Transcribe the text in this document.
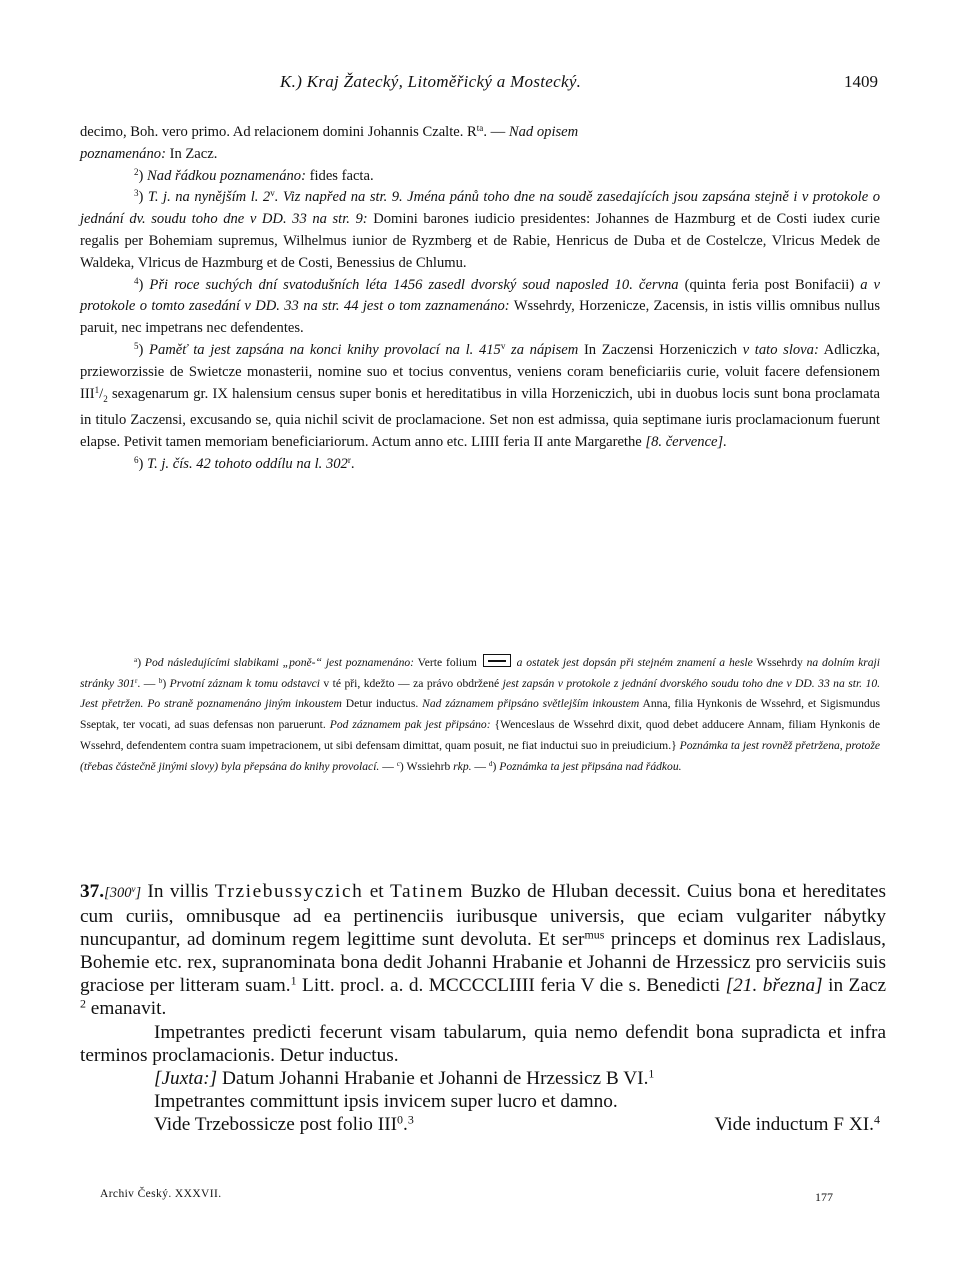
K.) Kraj Žatecký, Litoměřický a Mostecký.	1409

decimo, Boh. vero primo. Ad relacionem domini Johannis Czalte. $R^{ta}$. — Nad opisem
poznamenáno: In Zacz.

$^2$) Nad řádkou poznamenáno: fides facta.

$^3$) T. j. na nynějším l. 2$^v$. Viz napřed na str. 9. Jména pánů toho dne na soudě zasedajících jsou zapsána stejně i v protokole o jednání dv. soudu toho dne v DD. 33 na str. 9: Domini barones iudicio presidentes: Johannes de Hazmburg et de Costi iudex curie regalis per Bohemiam supremus, Wilhelmus iunior de Ryzmberg et de Rabie, Henricus de Duba et de Costelcze, Vlricus Medek de Waldeka, Vlricus de Hazmburg et de Costi, Benessius de Chlumu.

$^4$) Při roce suchých dní svatodušních léta 1456 zasedl dvorský soud naposled 10. června (quinta feria post Bonifacii) a v protokole o tomto zasedání v DD. 33 na str. 44 jest o tom zaznamenáno: Wssehrdy, Horzenicze, Zacensis, in istis villis omnibus nullus paruit, nec impetrans nec defendentes.

$^5$) Paměť ta jest zapsána na konci knihy provolací na l. 415$^v$ za nápisem In Zaczensi Horzeniczich v tato slova: Adliczka, przieworzissie de Swietcze monasterii, nomine suo et tocius conventus, veniens coram beneficiariis curie, voluit facere defensionem $III^1/_2$ sexagenarum gr. IX halensium census super bonis et hereditatibus in villa Horzeniczich, ubi in duobus locis sunt bona proclamata in titulo Zaczensi, excusando se, quia nichil scivit de proclamacione. Set non est admissa, quia septimane iuris proclamacionum fuerunt elapse. Petivit tamen memoriam beneficiariorum. Actum anno etc. LIIII feria II ante Margarethe [8. července].

$^6$) T. j. čís. 42 tohoto oddílu na l. 302$^r$.

$^a$) Pod následujícími slabikami „poně-“ jest poznamenáno: Verte folium	a ostatek jest dopsán při stejném znamení a hesle Wssehrdy na dolním kraji stránky 301$^r$. — $^b$) Prvotní záznam k tomu odstavci v té při, kdežto — za právo obdržené jest zapsán v protokole z jednání dvorského soudu toho dne v DD. 33 na str. 10. Jest přetržen. Po straně poznamenáno jiným inkoustem Detur inductus. Nad záznamem připsáno světlejším inkoustem Anna, filia Hynkonis de Wssehrd, et Sigismundus Sseptak, ter vocati, ad suas defensas non paruerunt. Pod záznamem pak jest připsáno: {Wenceslaus de Wssehrd dixit, quod debet adducere Annam, filiam Hynkonis de Wssehrd, defendentem contra suam impetracionem, ut sibi defensam dimittat, quam posuit, ne fiat inductui suo in preiudicium.} Poznámka ta jest rovněž přetržena, protože (třebas částečně jinými slovy) byla přepsána do knihy provolací. — $^c$) Wssiehrb rkp. — $^d$) Poznámka ta jest připsána nad řádkou.

37.[300$^v$] In villis Trziebussyczich et Tatinem Buzko de Hluban decessit. Cuius bona et hereditates cum curiis, omnibusque ad ea pertinenciis iuribusque universis, que eciam vulgariter nábytky nuncupantur, ad dominum regem legittime sunt devoluta. Et ser$^{mus}$ princeps et dominus rex Ladislaus, Bohemie etc. rex, supranominata bona dedit Johanni Hrabanie et Johanni de Hrzessicz pro serviciis suis graciose per litteram suam.$^1$ Litt. procl. a. d. MCCCCLIIII feria V die s. Benedicti [21. března] in Zacz $^2$ emanavit.

Impetrantes predicti fecerunt visam tabularum, quia nemo defendit bona supradicta et infra terminos proclamacionis. Detur inductus.

[Juxta:] Datum Johanni Hrabanie et Johanni de Hrzessicz B VI.$^1$

Impetrantes committunt ipsis invicem super lucro et damno.

Vide Trzebossicze post folio III$^0$.$^3$	Vide inductum F XI.$^4$
Archiv Český. XXXVII.	177
